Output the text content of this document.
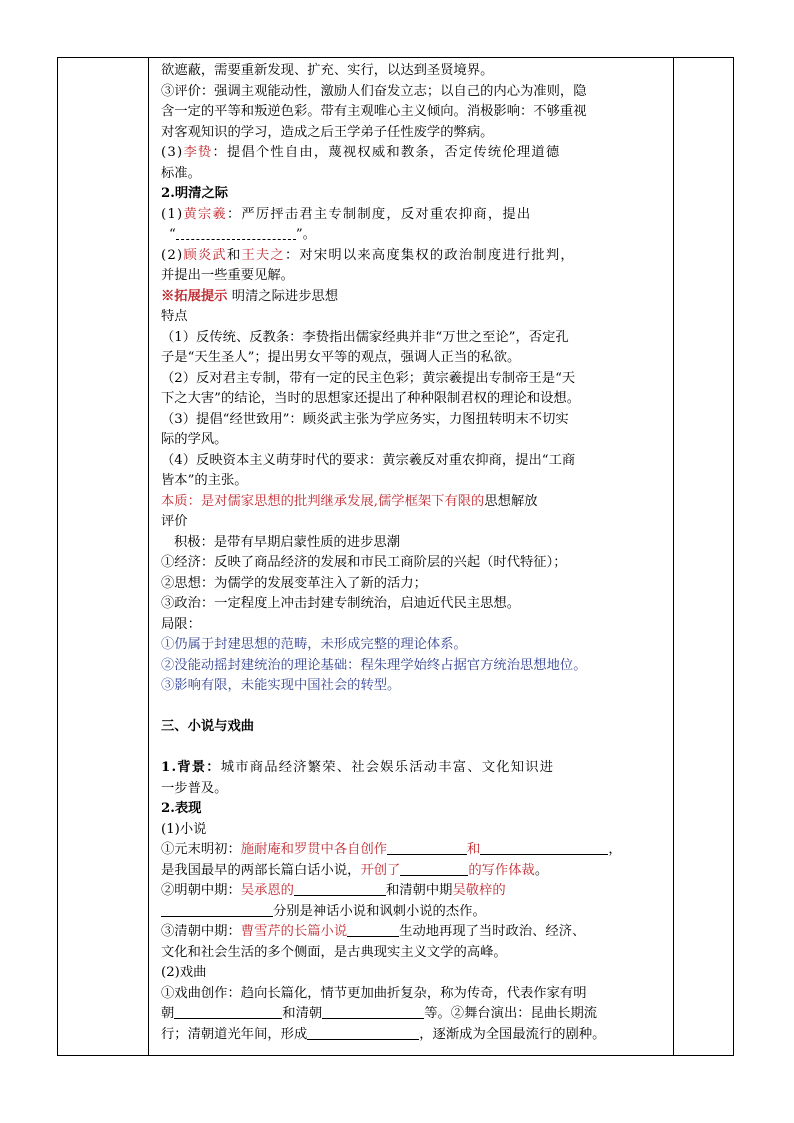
欲遮蔽，需要重新发现、扩充、实行，以达到圣贤境界。

③评价：强调主观能动性，激励人们奋发立志；以自己的内心为准则，隐

含一定的平等和叛逆色彩。带有主观唯心主义倾向。消极影响：不够重视

对客观知识的学习，造成之后王学弟子任性废学的弊病。

(3)李贽：提倡个性自由，蔑视权威和教条，否定传统伦理道德

标准。

2.明清之际

(1)黄宗羲：严厉抨击君主专制制度，反对重农抑商，提出

“	”。

(2)顾炎武和王夫之：对宋明以来高度集权的政治制度进行批判，

并提出一些重要见解。

※拓展提示 明清之际进步思想

特点

（1）反传统、反教条：李贽指出儒家经典并非“万世之至论”，否定孔

子是“天生圣人”；提出男女平等的观点，强调人正当的私欲。

（2）反对君主专制，带有一定的民主色彩；黄宗羲提出专制帝王是“天

下之大害”的结论，当时的思想家还提出了种种限制君权的理论和设想。

（3）提倡“经世致用”：顾炎武主张为学应务实，力图扭转明末不切实

际的学风。

（4）反映资本主义萌芽时代的要求：黄宗羲反对重农抑商，提出“工商

皆本”的主张。

本质：是对儒家思想的批判继承发展,儒学框架下有限的思想解放

评价

积极：是带有早期启蒙性质的进步思潮

①经济：反映了商品经济的发展和市民工商阶层的兴起（时代特征）；

②思想：为儒学的发展变革注入了新的活力；

③政治：一定程度上冲击封建专制统治，启迪近代民主思想。

局限：

①仍属于封建思想的范畴，未形成完整的理论体系。

②没能动摇封建统治的理论基础：程朱理学始终占据官方统治思想地位。

③影响有限，未能实现中国社会的转型。

三、小说与戏曲

1.背景：城市商品经济繁荣、社会娱乐活动丰富、文化知识进

一步普及。

2.表现

(1)小说

①元末明初：施耐庵和罗贯中各自创作	和	，

是我国最早的两部长篇白话小说，开创了	的写作体裁。

②明朝中期：吴承恩的	和清朝中期吴敬梓的

分别是神话小说和讽刺小说的杰作。

③清朝中期：曹雪芹的长篇小说	生动地再现了当时政治、经济、

文化和社会生活的多个侧面，是古典现实主义文学的高峰。

(2)戏曲

①戏曲创作：趋向长篇化，情节更加曲折复杂，称为传奇，代表作家有明

朝	和清朝	等。②舞台演出：昆曲长期流

行；清朝道光年间，形成	，逐渐成为全国最流行的剧种。
